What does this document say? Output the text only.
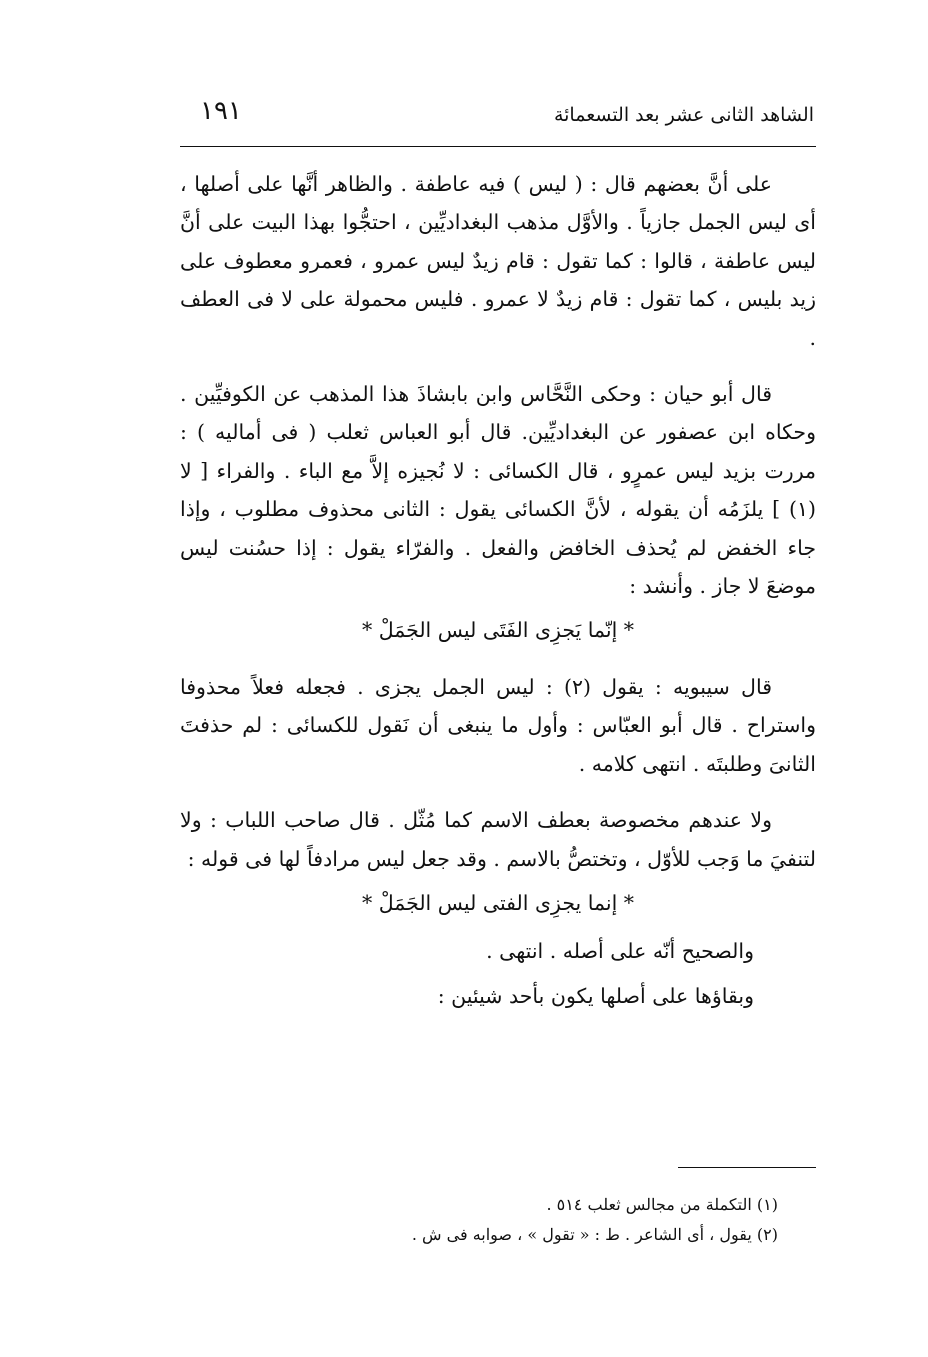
الشاهد الثانى عشر بعد التسعمائة
١٩١

على أنَّ بعضهم قال : ( ليس ) فيه عاطفة . والظاهر أنَّها على أصلها ، أى ليس الجمل جازياً . والأوَّل مذهب البغداديِّين ، احتجُّوا بهذا البيت على أنَّ ليس عاطفة ، قالوا : كما تقول : قام زيدٌ ليس عمرو ، فعمرو معطوف على زيد بليس ، كما تقول : قام زيدٌ لا عمرو . فليس محمولة على لا فى العطف .

قال أبو حيان : وحكى النَّحَّاس وابن بابشاذَ هذا المذهب عن الكوفيِّين . وحكاه ابن عصفور عن البغداديِّين. قال أبو العباس ثعلب ( فى أماليه ) : مررت بزيد ليس عمرٍو ، قال الكسائى : لا نُجيزه إلاَّ مع الباء . والفراء [ لا (١) ] يلزَمُه أن يقوله ، لأنَّ الكسائى يقول : الثانى محذوف مطلوب ، وإذا جاء الخفض لم يُحذف الخافض والفعل . والفرّاء يقول : إذا حسُنت ليس موضعَ لا جاز . وأنشد :

* إنّما يَجزِى الفَتَى ليس الجَمَلْ *

قال سيبويه : يقول (٢) : ليس الجمل يجزى . فجعله فعلاً محذوفا واستراح . قال أبو العبّاس : وأول ما ينبغى أن نَقول للكسائى : لم حذفتَ الثانىَ وطلبتَه . انتهى كلامه .

ولا عندهم مخصوصة بعطف الاسم كما مُثّل . قال صاحب اللباب : ولا لتنفيَ ما وَجب للأوّل ، وتختصُّ بالاسم . وقد جعل ليس مرادفاً لها فى قوله :

* إنما يجزِى الفتى ليس الجَمَلْ *

والصحيح أنّه على أصله . انتهى .

وبقاؤها على أصلها يكون بأحد شيئين :

(١) التكملة من مجالس ثعلب ٥١٤ .

(٢) يقول ، أى الشاعر . ط : « تقول » ، صوابه فى ش .
